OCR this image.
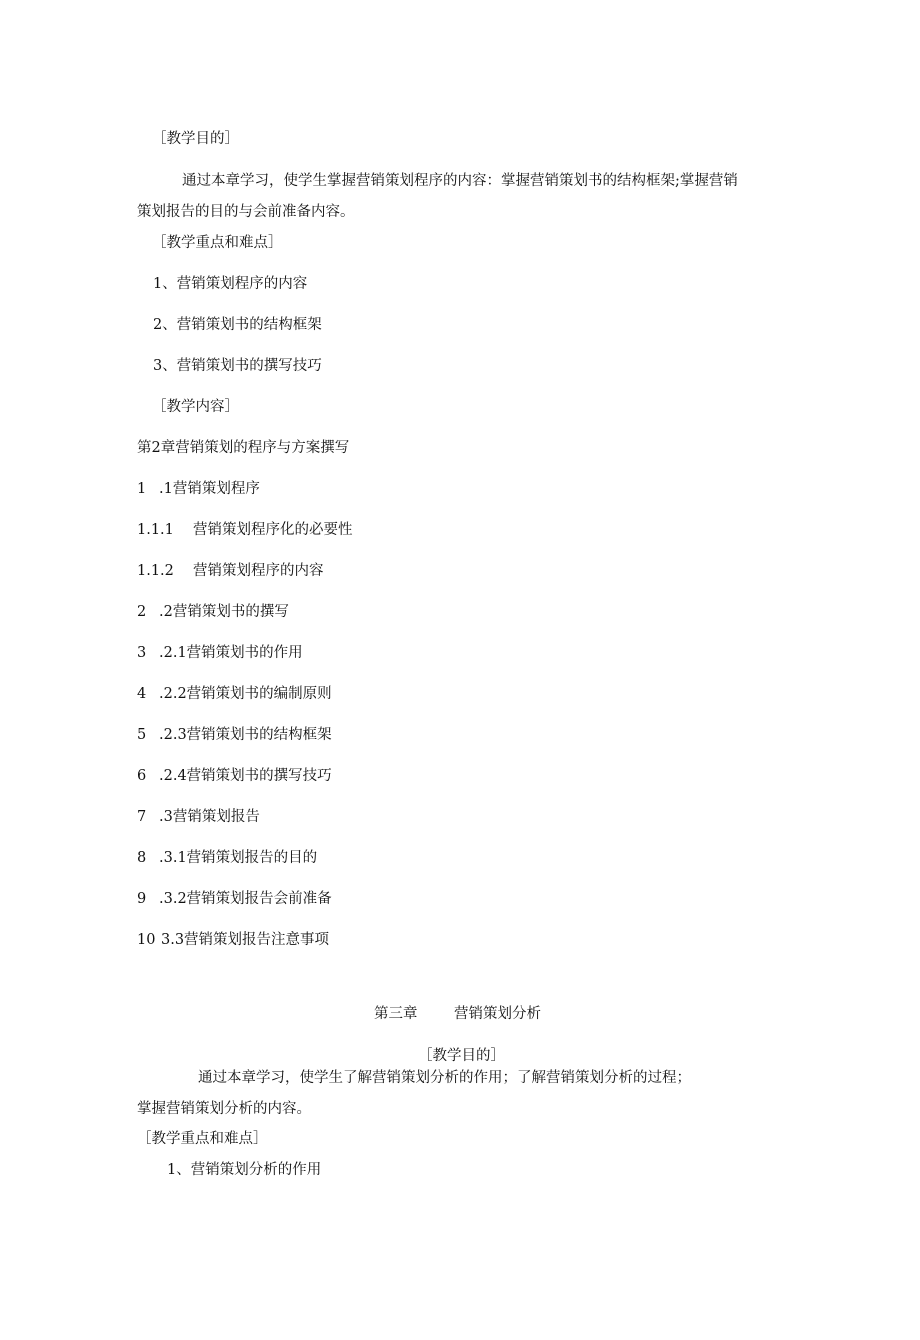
［教学目的］
通过本章学习，使学生掌握营销策划程序的内容：掌握营销策划书的结构框架;掌握营销
策划报告的目的与会前准备内容。
［教学重点和难点］
1、营销策划程序的内容
2、营销策划书的结构框架
3、营销策划书的撰写技巧
［教学内容］
第2章营销策划的程序与方案撰写
1 .1营销策划程序
1.1.1 营销策划程序化的必要性
1.1.2 营销策划程序的内容
2 .2营销策划书的撰写
3 .2.1营销策划书的作用
4 .2.2营销策划书的编制原则
5 .2.3营销策划书的结构框架
6 .2.4营销策划书的撰写技巧
7 .3营销策划报告
8 .3.1营销策划报告的目的
9 .3.2营销策划报告会前准备
10 3.3营销策划报告注意事项
第三章	营销策划分析
［教学目的］
通过本章学习，使学生了解营销策划分析的作用；了解营销策划分析的过程；
掌握营销策划分析的内容。
［教学重点和难点］
1、营销策划分析的作用
